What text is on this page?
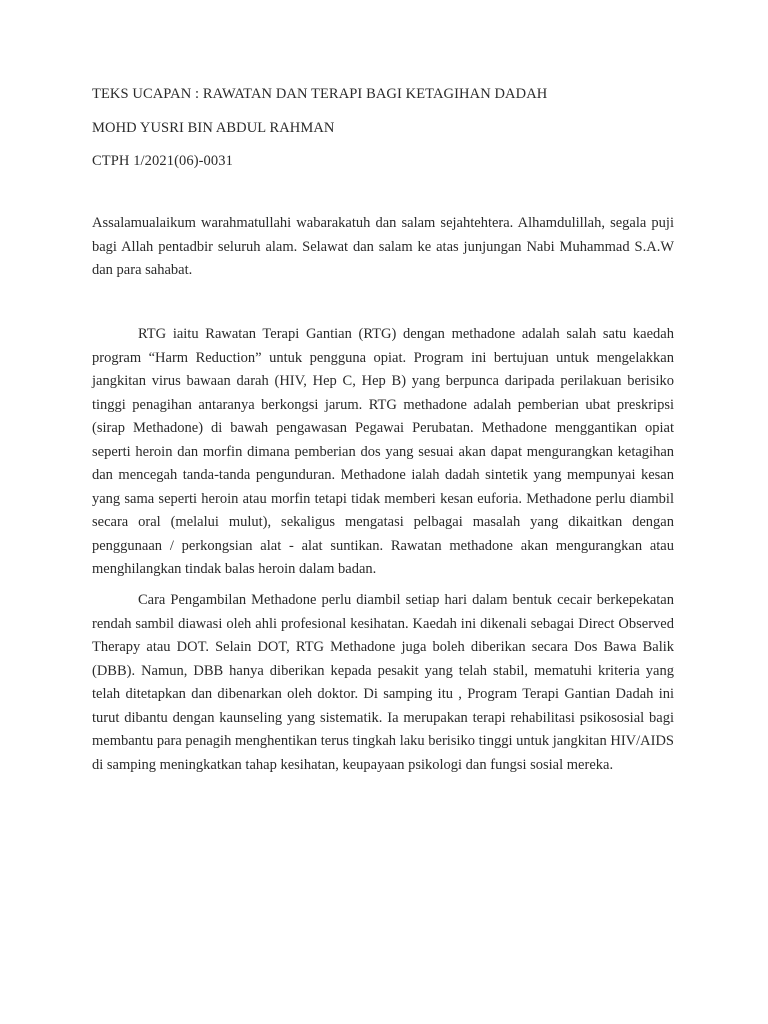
TEKS UCAPAN : RAWATAN DAN TERAPI BAGI KETAGIHAN DADAH
MOHD YUSRI BIN ABDUL RAHMAN
CTPH 1/2021(06)-0031

Assalamualaikum warahmatullahi wabarakatuh dan salam sejahtehtera. Alhamdulillah, segala puji bagi Allah pentadbir seluruh alam. Selawat dan salam ke atas junjungan Nabi Muhammad S.A.W dan para sahabat.

RTG iaitu Rawatan Terapi Gantian (RTG) dengan methadone adalah salah satu kaedah program “Harm Reduction” untuk pengguna opiat. Program ini bertujuan untuk mengelakkan jangkitan virus bawaan darah (HIV, Hep C, Hep B) yang berpunca daripada perilakuan berisiko tinggi penagihan antaranya berkongsi jarum. RTG methadone adalah pemberian ubat preskripsi (sirap Methadone) di bawah pengawasan Pegawai Perubatan. Methadone menggantikan opiat seperti heroin dan morfin dimana pemberian dos yang sesuai akan dapat mengurangkan ketagihan dan mencegah tanda-tanda pengunduran. Methadone ialah dadah sintetik yang mempunyai kesan yang sama seperti heroin atau morfin tetapi tidak memberi kesan euforia. Methadone perlu diambil secara oral (melalui mulut), sekaligus mengatasi pelbagai masalah yang dikaitkan dengan penggunaan / perkongsian alat - alat suntikan. Rawatan methadone akan mengurangkan atau menghilangkan tindak balas heroin dalam badan.

Cara Pengambilan Methadone perlu diambil setiap hari dalam bentuk cecair berkepekatan rendah sambil diawasi oleh ahli profesional kesihatan. Kaedah ini dikenali sebagai Direct Observed Therapy atau DOT. Selain DOT, RTG Methadone juga boleh diberikan secara Dos Bawa Balik (DBB). Namun, DBB hanya diberikan kepada pesakit yang telah stabil, mematuhi kriteria yang telah ditetapkan dan dibenarkan oleh doktor. Di samping itu , Program Terapi Gantian Dadah ini turut dibantu dengan kaunseling yang sistematik. Ia merupakan terapi rehabilitasi psikososial bagi membantu para penagih menghentikan terus tingkah laku berisiko tinggi untuk jangkitan HIV/AIDS di samping meningkatkan tahap kesihatan, keupayaan psikologi dan fungsi sosial mereka.
